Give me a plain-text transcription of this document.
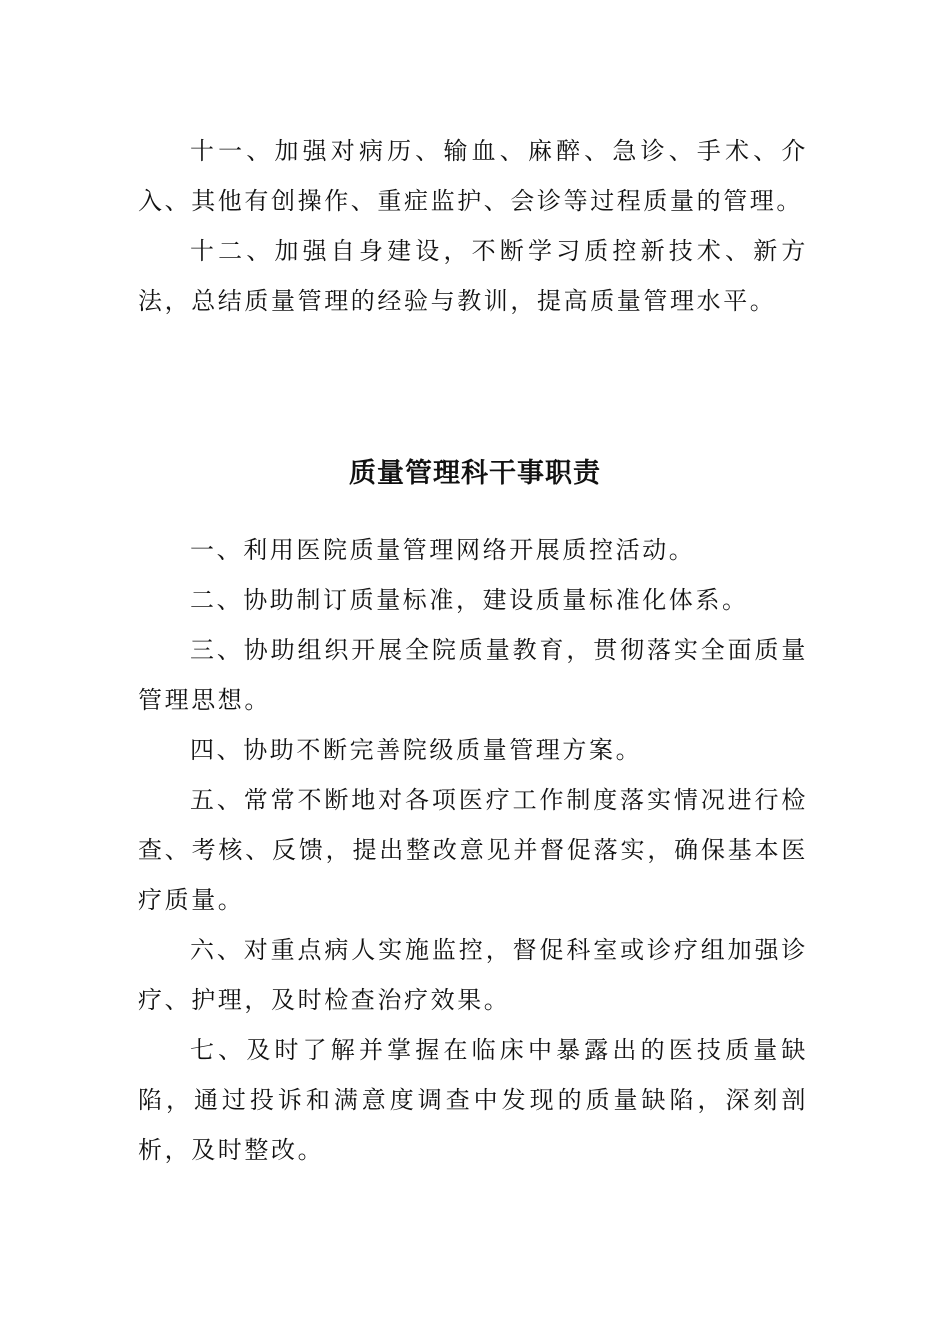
十一、加强对病历、输血、麻醉、急诊、手术、介入、其他有创操作、重症监护、会诊等过程质量的管理。

十二、加强自身建设，不断学习质控新技术、新方法，总结质量管理的经验与教训，提高质量管理水平。

质量管理科干事职责

一、利用医院质量管理网络开展质控活动。

二、协助制订质量标准，建设质量标准化体系。

三、协助组织开展全院质量教育，贯彻落实全面质量管理思想。

四、协助不断完善院级质量管理方案。

五、常常不断地对各项医疗工作制度落实情况进行检查、考核、反馈，提出整改意见并督促落实，确保基本医疗质量。

六、对重点病人实施监控，督促科室或诊疗组加强诊疗、护理，及时检查治疗效果。

七、及时了解并掌握在临床中暴露出的医技质量缺陷，通过投诉和满意度调查中发现的质量缺陷，深刻剖析，及时整改。
